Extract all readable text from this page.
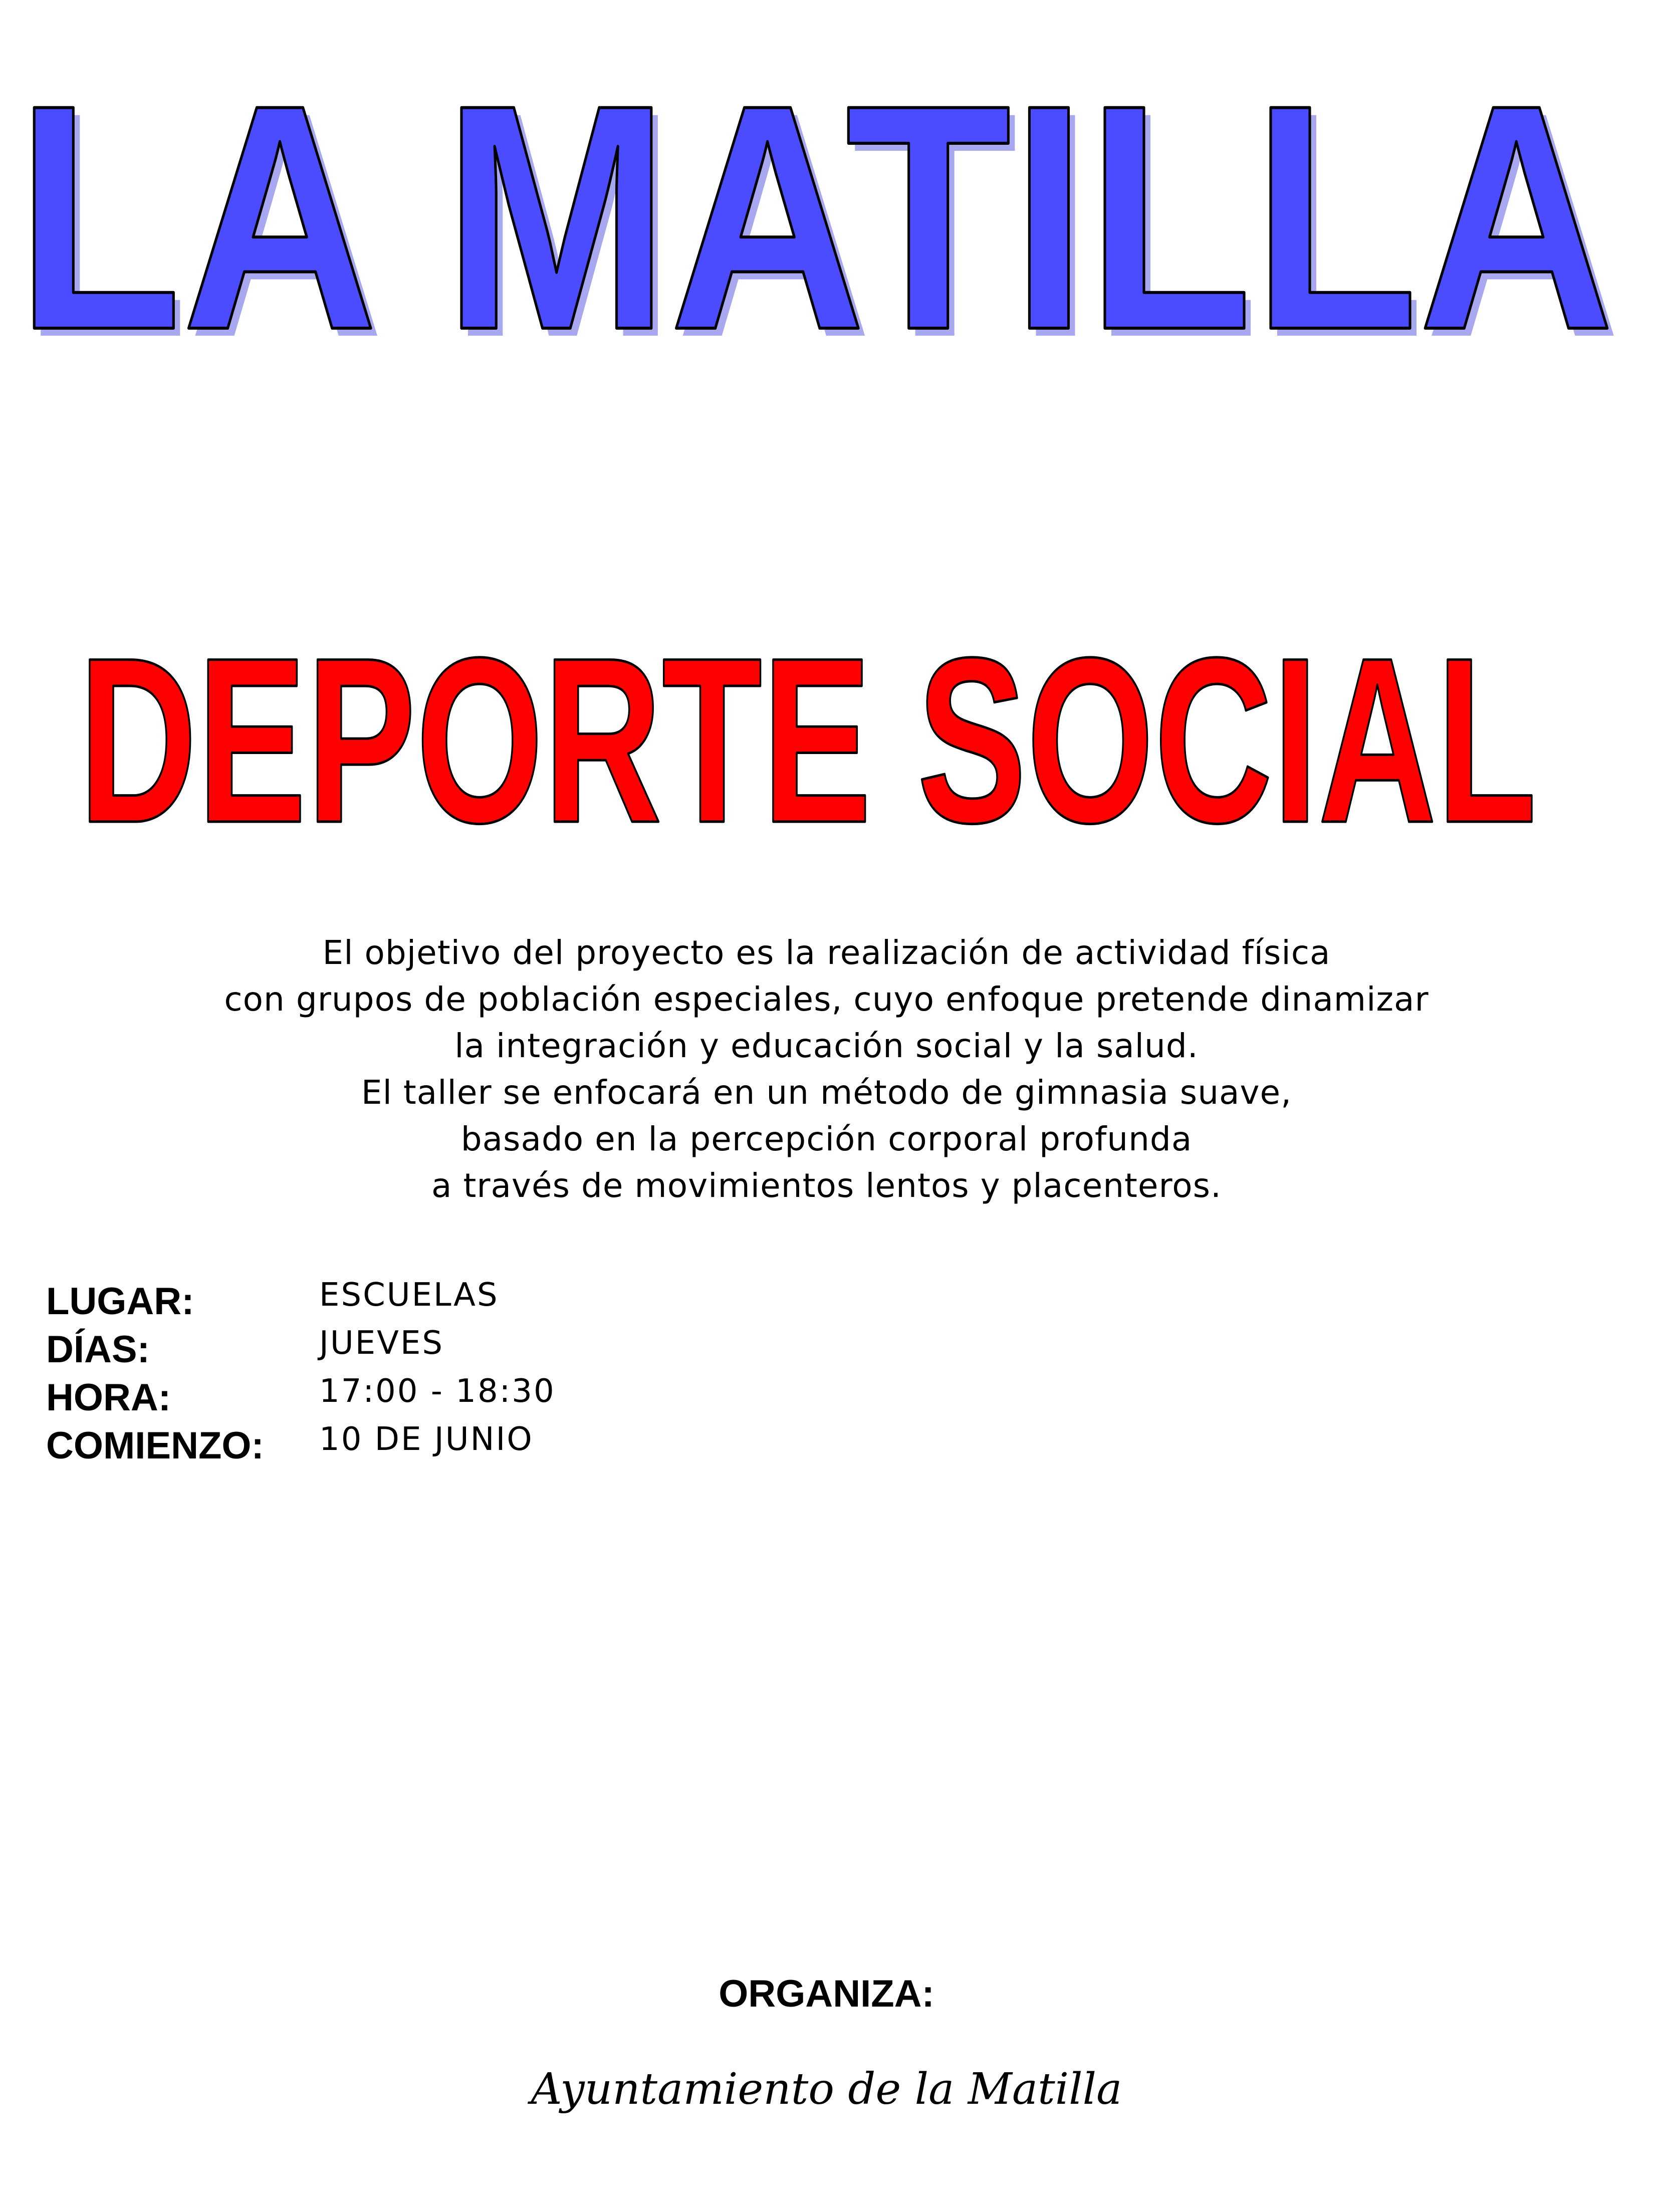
LA MATILLA
LA MATILLA
DEPORTE SOCIAL
El objetivo del proyecto es la realización de actividad física
con grupos de población especiales, cuyo enfoque pretende dinamizar
la integración y educación social y la salud.
El taller se enfocará en un método de gimnasia suave,
basado en la percepción corporal profunda
a través de movimientos lentos y placenteros.
LUGAR:	ESCUELAS
DÍAS:	JUEVES
HORA:	17:00 - 18:30
COMIENZO: 10 DE JUNIO
ORGANIZA:
Ayuntamiento de la Matilla
